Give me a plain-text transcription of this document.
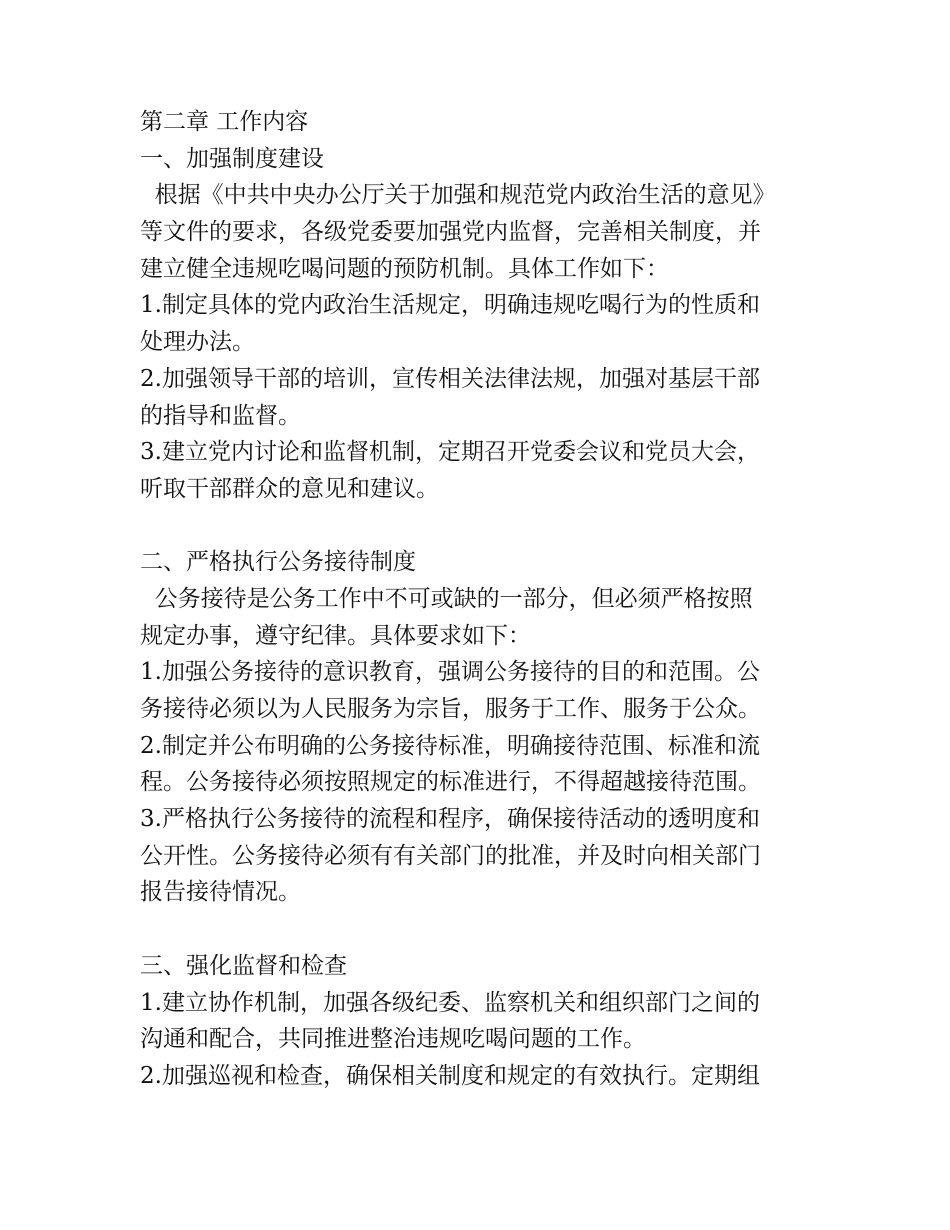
第二章 工作内容
一、加强制度建设
根据《中共中央办公厅关于加强和规范党内政治生活的意见》
等文件的要求，各级党委要加强党内监督，完善相关制度，并
建立健全违规吃喝问题的预防机制。具体工作如下：
1.制定具体的党内政治生活规定，明确违规吃喝行为的性质和
处理办法。
2.加强领导干部的培训，宣传相关法律法规，加强对基层干部
的指导和监督。
3.建立党内讨论和监督机制，定期召开党委会议和党员大会，
听取干部群众的意见和建议。
二、严格执行公务接待制度
公务接待是公务工作中不可或缺的一部分，但必须严格按照
规定办事，遵守纪律。具体要求如下：
1.加强公务接待的意识教育，强调公务接待的目的和范围。公
务接待必须以为人民服务为宗旨，服务于工作、服务于公众。
2.制定并公布明确的公务接待标准，明确接待范围、标准和流
程。公务接待必须按照规定的标准进行，不得超越接待范围。
3.严格执行公务接待的流程和程序，确保接待活动的透明度和
公开性。公务接待必须有有关部门的批准，并及时向相关部门
报告接待情况。
三、强化监督和检查
1.建立协作机制，加强各级纪委、监察机关和组织部门之间的
沟通和配合，共同推进整治违规吃喝问题的工作。
2.加强巡视和检查，确保相关制度和规定的有效执行。定期组
